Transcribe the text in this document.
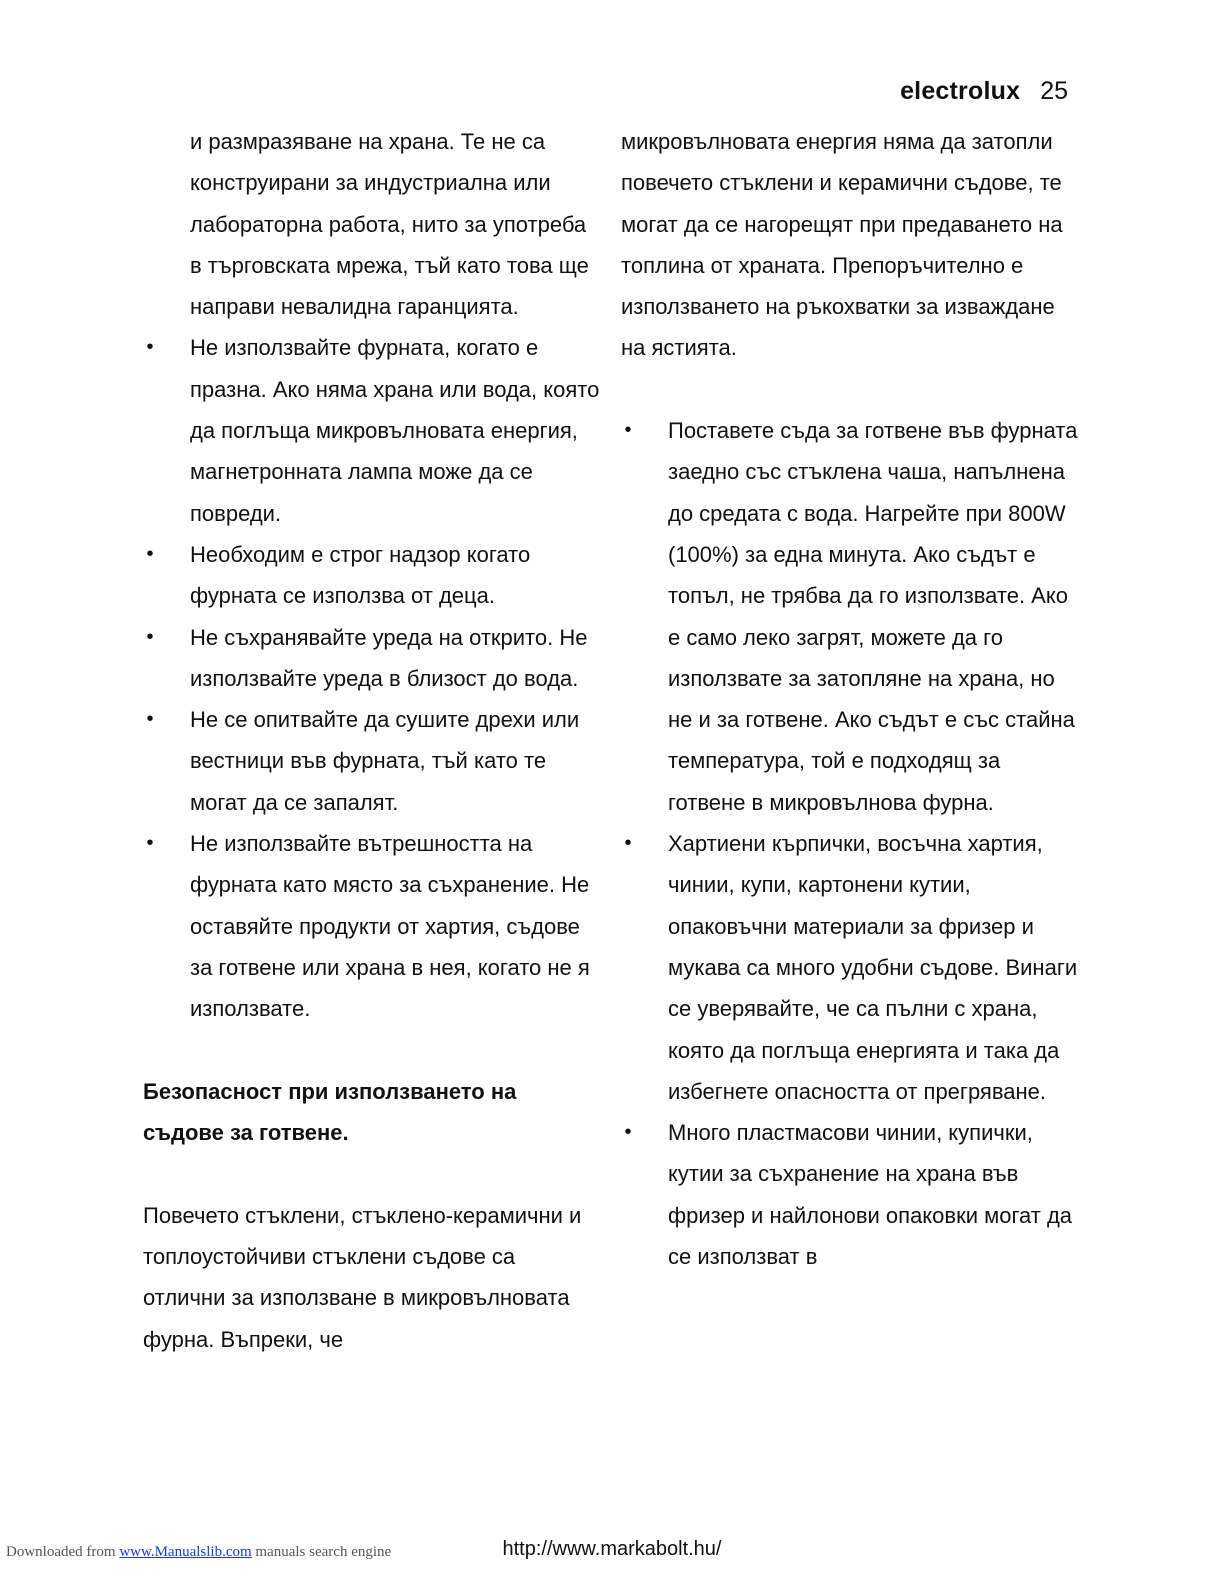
electrolux 25

и размразяване на храна. Те не са конструирани за индустриална или лабораторна работа, нито за употреба в търговската мрежа, тъй като това ще направи невалидна гаранцията.

• Не използвайте фурната, когато е празна. Ако няма храна или вода, която да поглъща микровълновата енергия, магнетронната лампа може да се повреди.
• Необходим е строг надзор когато фурната се използва от деца.
• Не съхранявайте уреда на открито. Не използвайте уреда в близост до вода.
• Не се опитвайте да сушите дрехи или вестници във фурната, тъй като те могат да се запалят.
• Не използвайте вътрешността на фурната като място за съхранение. Не оставяйте продукти от хартия, съдове за готвене или храна в нея, когато не я използвате.

Безопасност при използването на съдове за готвене.

Повечето стъклени, стъклено-керамични и топлоустойчиви стъклени съдове са отлични за използване в микровълновата фурна. Въпреки, че

микровълновата енергия няма да затопли повечето стъклени и керамични съдове, те могат да се нагорещят при предаването на топлина от храната. Препоръчително е използването на ръкохватки за изваждане на ястията.

• Поставете съда за готвене във фурната заедно със стъклена чаша, напълнена до средата с вода. Нагрейте при 800W (100%) за една минута. Ако съдът е топъл, не трябва да го използвате. Ако е само леко загрят, можете да го използвате за затопляне на храна, но не и за готвене. Ако съдът е със стайна температура, той е подходящ за готвене в микровълнова фурна.
• Хартиени кърпички, восъчна хартия, чинии, купи, картонени кутии, опаковъчни материали за фризер и мукава са много удобни съдове. Винаги се уверявайте, че са пълни с храна, която да поглъща енергията и така да избегнете опасността от прегряване.
• Много пластмасови чинии, купички, кутии за съхранение на храна във фризер и найлонови опаковки могат да се използват в
http://www.markabolt.hu/
Downloaded from www.Manualslib.com manuals search engine
